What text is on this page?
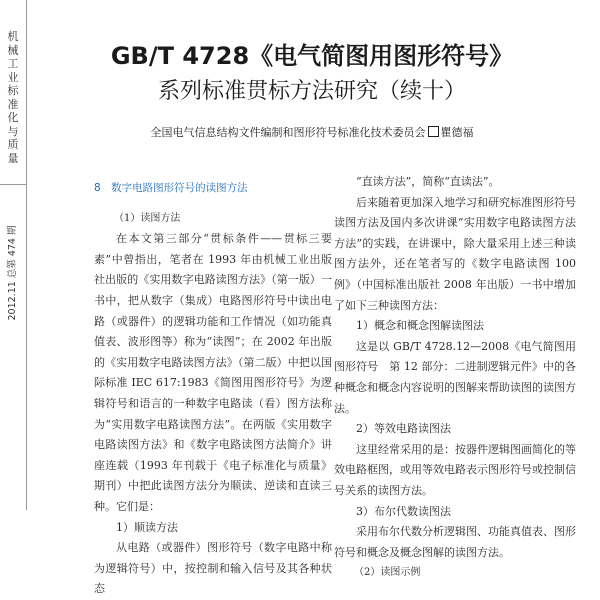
机械工业标准化与质量
2012.11 总第 474 期
GB/T 4728《电气简图用图形符号》
系列标准贯标方法研究（续十）
全国电气信息结构文件编制和图形符号标准化技术委员会 瞿德福

8　数字电路图形符号的读图方法

（1）读图方法

在本文第三部分“贯标条件——贯标三要素”中曾指出，笔者在 1993 年由机械工业出版社出版的《实用数字电路读图方法》（第一版）一书中，把从数字（集成）电路图形符号中读出电路（或器件）的逻辑功能和工作情况（如功能真值表、波形图等）称为“读图”；在 2002 年出版的《实用数字电路读图方法》（第二版）中把以国际标准 IEC 617:1983《简图用图形符号》为逻辑符号和语言的一种数字电路读（看）图方法称为“实用数字电路读图方法”。在两版《实用数字电路读图方法》和《数字电路读图方法简介》讲座连载（1993 年刊载于《电子标准化与质量》期刊）中把此读图方法分为顺读、逆读和直读三种。它们是：

1）顺读方法

从电路（或器件）图形符号（数字电路中称为逻辑符号）中，按控制和输入信号及其各种状态

“直读方法”，简称“直读法”。

后来随着更加深入地学习和研究标准图形符号读图方法及国内多次讲课“实用数字电路读图方法方法”的实践，在讲课中，除大量采用上述三种读图方法外，还在笔者写的《数字电路读图 100 例》（中国标准出版社 2008 年出版）一书中增加了如下三种读图方法：

1）概念和概念图解读图法

这是以 GB/T 4728.12—2008《电气简图用图形符号　第 12 部分：二进制逻辑元件》中的各种概念和概念内容说明的图解来帮助读图的读图方法。

2）等效电路读图法

这里经常采用的是：按器件逻辑图画简化的等效电路框图，或用等效电路表示图形符号或控制信号关系的读图方法。

3）布尔代数读图法

采用布尔代数分析逻辑图、功能真值表、图形符号和概念及概念图解的读图方法。

（2）读图示例
